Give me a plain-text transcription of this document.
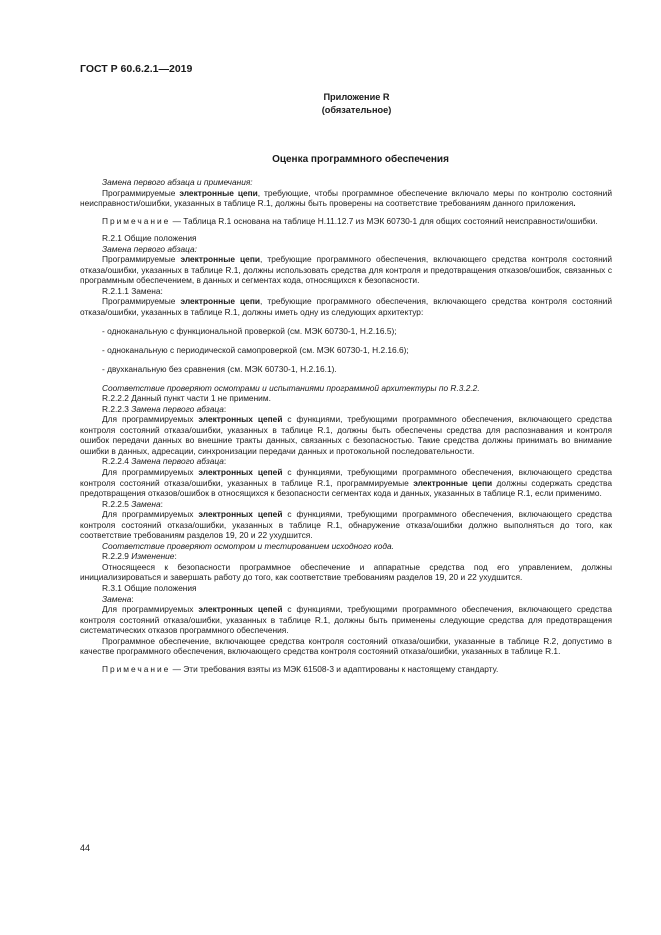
ГОСТ Р 60.6.2.1—2019
Приложение R
(обязательное)
Оценка программного обеспечения

Замена первого абзаца и примечания:

Программируемые электронные цепи, требующие, чтобы программное обеспечение включало меры по контролю состояний неисправности/ошибки, указанных в таблице R.1, должны быть проверены на соответствие требованиям данного приложения.

Примечание — Таблица R.1 основана на таблице H.11.12.7 из МЭК 60730-1 для общих состояний неисправности/ошибки.

R.2.1 Общие положения

Замена первого абзаца:

Программируемые электронные цепи, требующие программного обеспечения, включающего средства контроля состояний отказа/ошибки, указанных в таблице R.1, должны использовать средства для контроля и предотвращения отказов/ошибок, связанных с программным обеспечением, в данных и сегментах кода, относящихся к безопасности.

R.2.1.1 Замена:

Программируемые электронные цепи, требующие программного обеспечения, включающего средства контроля состояний отказа/ошибки, указанных в таблице R.1, должны иметь одну из следующих архитектур:

- одноканальную с функциональной проверкой (см. МЭК 60730-1, H.2.16.5);

- одноканальную с периодической самопроверкой (см. МЭК 60730-1, H.2.16.6);

- двухканальную без сравнения (см. МЭК 60730-1, H.2.16.1).

Соответствие проверяют осмотрами и испытаниями программной архитектуры по R.3.2.2.

R.2.2.2 Данный пункт части 1 не применим.

R.2.2.3 Замена первого абзаца:

Для программируемых электронных цепей с функциями, требующими программного обеспечения, включающего средства контроля состояний отказа/ошибки, указанных в таблице R.1, должны быть обеспечены средства для распознавания и контроля ошибок передачи данных во внешние тракты данных, связанных с безопасностью. Такие средства должны принимать во внимание ошибки в данных, адресации, синхронизации передачи данных и протокольной последовательности.

R.2.2.4 Замена первого абзаца:

Для программируемых электронных цепей с функциями, требующими программного обеспечения, включающего средства контроля состояний отказа/ошибки, указанных в таблице R.1, программируемые электронные цепи должны содержать средства предотвращения отказов/ошибок в относящихся к безопасности сегментах кода и данных, указанных в таблице R.1, если применимо.

R.2.2.5 Замена:

Для программируемых электронных цепей с функциями, требующими программного обеспечения, включающего средства контроля состояний отказа/ошибки, указанных в таблице R.1, обнаружение отказа/ошибки должно выполняться до того, как соответствие требованиям разделов 19, 20 и 22 ухудшится.

Соответствие проверяют осмотром и тестированием исходного кода.

R.2.2.9 Изменение:

Относящееся к безопасности программное обеспечение и аппаратные средства под его управлением, должны инициализироваться и завершать работу до того, как соответствие требованиям разделов 19, 20 и 22 ухудшится.

R.3.1 Общие положения

Замена:

Для программируемых электронных цепей с функциями, требующими программного обеспечения, включающего средства контроля состояний отказа/ошибки, указанных в таблице R.1, должны быть применены следующие средства для предотвращения систематических отказов программного обеспечения.

Программное обеспечение, включающее средства контроля состояний отказа/ошибки, указанные в таблице R.2, допустимо в качестве программного обеспечения, включающего средства контроля состояний отказа/ошибки, указанных в таблице R.1.

Примечание — Эти требования взяты из МЭК 61508-3 и адаптированы к настоящему стандарту.

44
